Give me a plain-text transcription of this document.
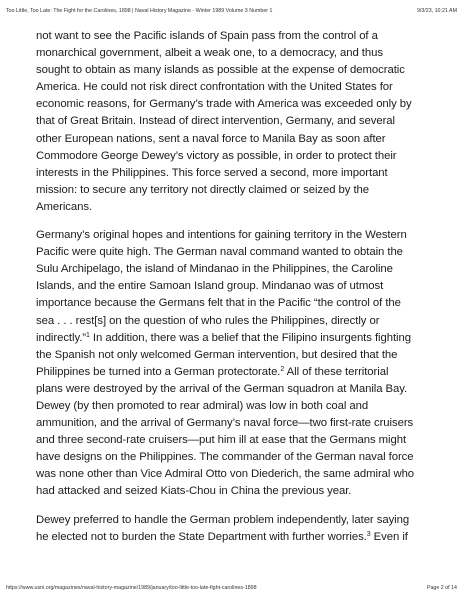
Too Little, Too Late: The Fight for the Carolines, 1898 | Naval History Magazine - Winter 1989 Volume 3 Number 1	9/3/23, 10:21 AM
not want to see the Pacific islands of Spain pass from the control of a
monarchical government, albeit a weak one, to a democracy, and thus
sought to obtain as many islands as possible at the expense of democratic
America. He could not risk direct confrontation with the United States for
economic reasons, for Germany’s trade with America was exceeded only by
that of Great Britain. Instead of direct intervention, Germany, and several
other European nations, sent a naval force to Manila Bay as soon after
Commodore George Dewey’s victory as possible, in order to protect their
interests in the Philippines. This force served a second, more important
mission: to secure any territory not directly claimed or seized by the
Americans.
Germany’s original hopes and intentions for gaining territory in the Western
Pacific were quite high. The German naval command wanted to obtain the
Sulu Archipelago, the island of Mindanao in the Philippines, the Caroline
Islands, and the entire Samoan Island group. Mindanao was of utmost
importance because the Germans felt that in the Pacific “the control of the
sea . . . rest[s] on the question of who rules the Philippines, directly or
indirectly.”$^1$ In addition, there was a belief that the Filipino insurgents fighting
the Spanish not only welcomed German intervention, but desired that the
Philippines be turned into a German protectorate.$^2$ All of these territorial
plans were destroyed by the arrival of the German squadron at Manila Bay.
Dewey (by then promoted to rear admiral) was low in both coal and
ammunition, and the arrival of Germany’s naval force—two first-rate cruisers
and three second-rate cruisers—put him ill at ease that the Germans might
have designs on the Philippines. The commander of the German naval force
was none other than Vice Admiral Otto von Diederich, the same admiral who
had attacked and seized Kiats-Chou in China the previous year.
Dewey preferred to handle the German problem independently, later saying
he elected not to burden the State Department with further worries.$^3$ Even if
https://www.usni.org/magazines/naval-history-magazine/1989/january/too-little-too-late-fight-carolines-1898	Page 2 of 14
